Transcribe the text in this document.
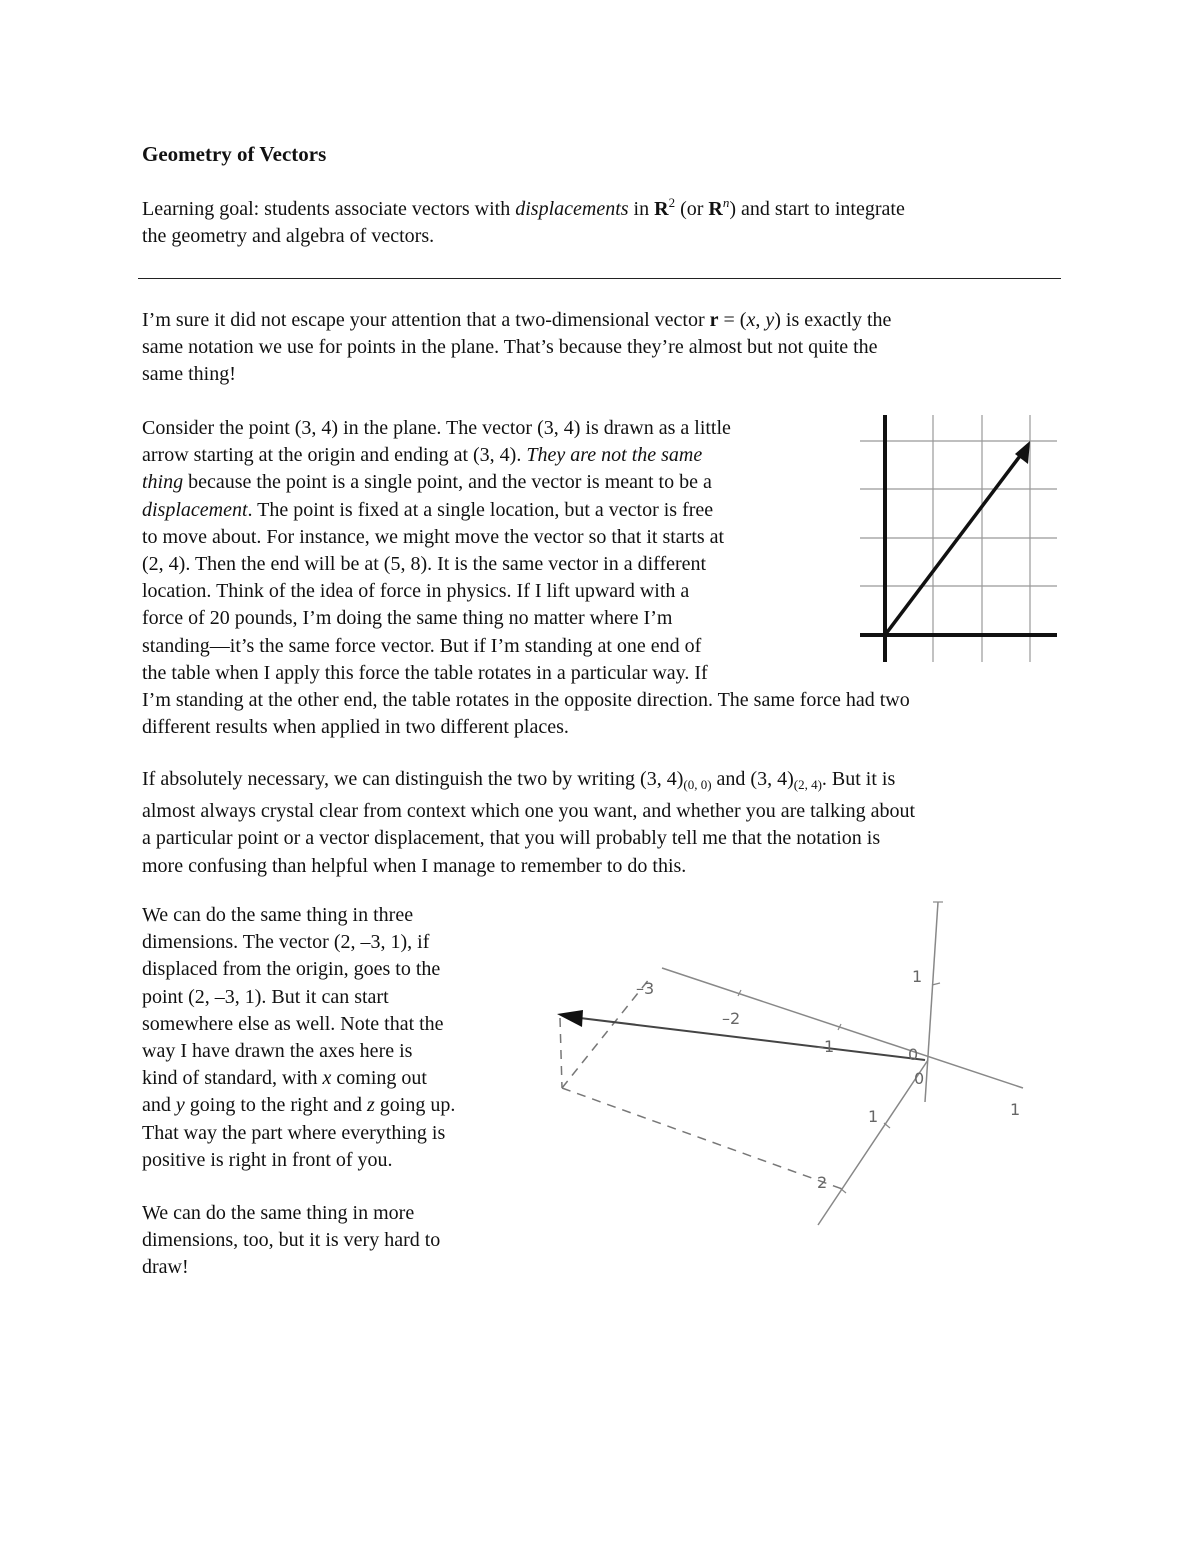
Geometry of Vectors

Learning goal: students associate vectors with displacements in $R^2$ (or $R^n$) and start to integrate
the geometry and algebra of vectors.

I’m sure it did not escape your attention that a two-dimensional vector r = (x, y) is exactly the
same notation we use for points in the plane. That’s because they’re almost but not quite the
same thing!

Consider the point (3, 4) in the plane. The vector (3, 4) is drawn as a little
arrow starting at the origin and ending at (3, 4). They are not the same
thing because the point is a single point, and the vector is meant to be a
displacement. The point is fixed at a single location, but a vector is free
to move about. For instance, we might move the vector so that it starts at
(2, 4). Then the end will be at (5, 8). It is the same vector in a different
location. Think of the idea of force in physics. If I lift upward with a
force of 20 pounds, I’m doing the same thing no matter where I’m
standing—it’s the same force vector. But if I’m standing at one end of
the table when I apply this force the table rotates in a particular way. If
I’m standing at the other end, the table rotates in the opposite direction. The same force had two
different results when applied in two different places.

If absolutely necessary, we can distinguish the two by writing (3, $4)_{(0, 0)}$ and (3, $4)_{(2, 4)}$. But it is
almost always crystal clear from context which one you want, and whether you are talking about
a particular point or a vector displacement, that you will probably tell me that the notation is
more confusing than helpful when I manage to remember to do this.

We can do the same thing in three
dimensions. The vector (2, –3, 1), if
displaced from the origin, goes to the
point (2, –3, 1). But it can start
somewhere else as well. Note that the
way I have drawn the axes here is
kind of standard, with x coming out
and y going to the right and z going up.
That way the part where everything is
positive is right in front of you.

We can do the same thing in more
dimensions, too, but it is very hard to
draw!

1
–3
–2
–1	0
0
1
1
2
